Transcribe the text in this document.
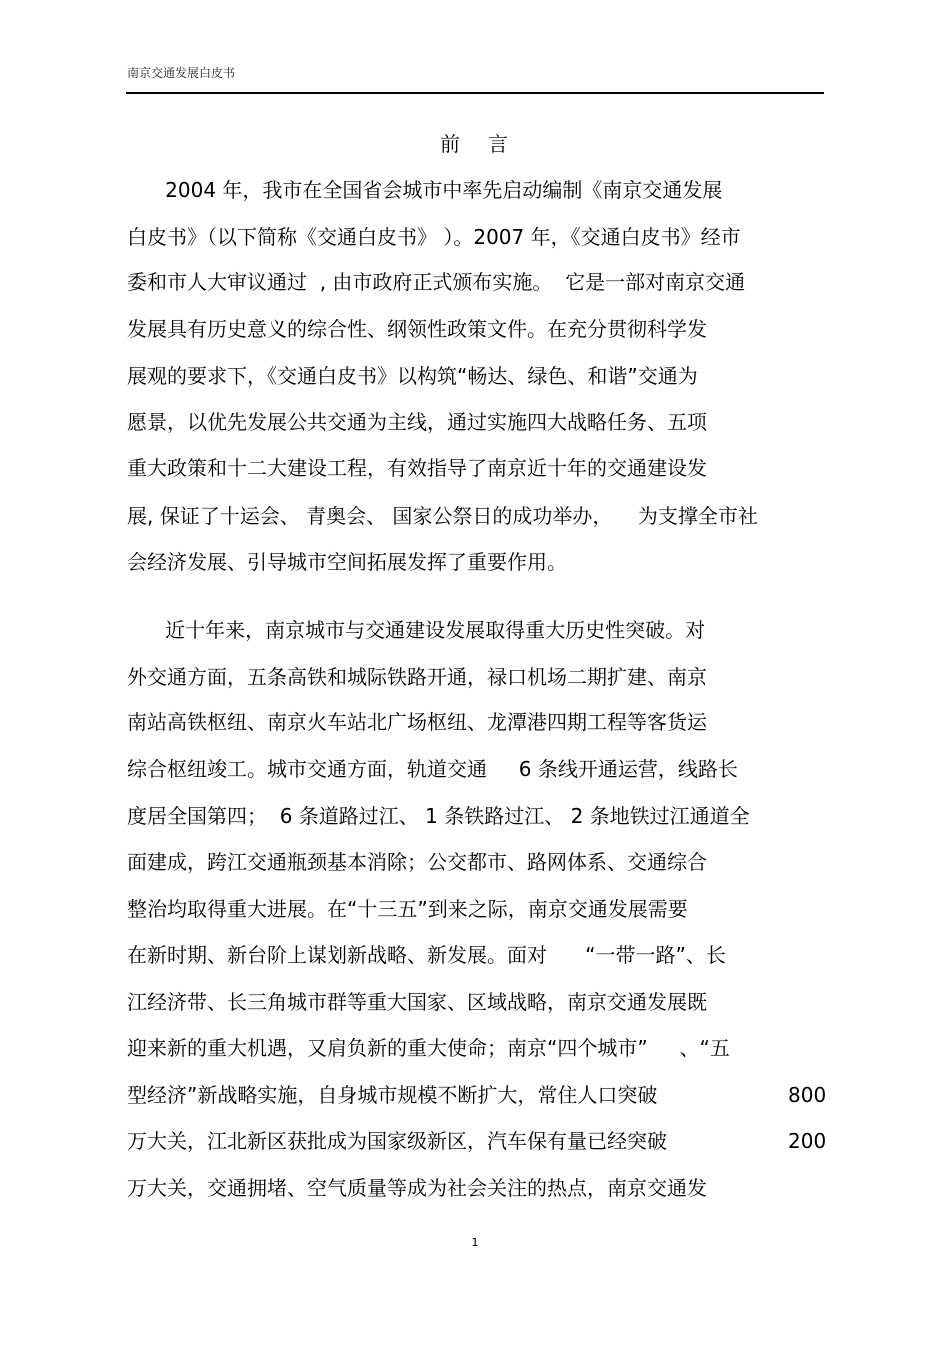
南京交通发展白皮书
前 言
2004 年，我市在全国省会城市中率先启动编制《南京交通发展
白皮书》（以下简称《交通白皮书》 ）。2007 年，《交通白皮书》经市
委和市人大审议通过  , 由市政府正式颁布实施。  它是一部对南京交通
发展具有历史意义的综合性、纲领性政策文件。在充分贯彻科学发
展观的要求下，《交通白皮书》以构筑“畅达、绿色、和谐”交通为
愿景，以优先发展公共交通为主线，通过实施四大战略任务、五项
重大政策和十二大建设工程，有效指导了南京近十年的交通建设发
展, 保证了十运会、 青奥会、 国家公祭日的成功举办，    为支撑全市社
会经济发展、引导城市空间拓展发挥了重要作用。
近十年来，南京城市与交通建设发展取得重大历史性突破。对
外交通方面，五条高铁和城际铁路开通，禄口机场二期扩建、南京
南站高铁枢纽、南京火车站北广场枢纽、龙潭港四期工程等客货运
综合枢纽竣工。城市交通方面，轨道交通     6 条线开通运营，线路长
度居全国第四；  6 条道路过江、 1 条铁路过江、 2 条地铁过江通道全
面建成，跨江交通瓶颈基本消除；公交都市、路网体系、交通综合
整治均取得重大进展。在“十三五”到来之际，南京交通发展需要
在新时期、新台阶上谋划新战略、新发展。面对      “一带一路”、长
江经济带、长三角城市群等重大国家、区域战略，南京交通发展既
迎来新的重大机遇，又肩负新的重大使命；南京“四个城市”     、“五
型经济”新战略实施，自身城市规模不断扩大，常住人口突破
万大关，江北新区获批成为国家级新区，汽车保有量已经突破
万大关，交通拥堵、空气质量等成为社会关注的热点，南京交通发
800
200
1
